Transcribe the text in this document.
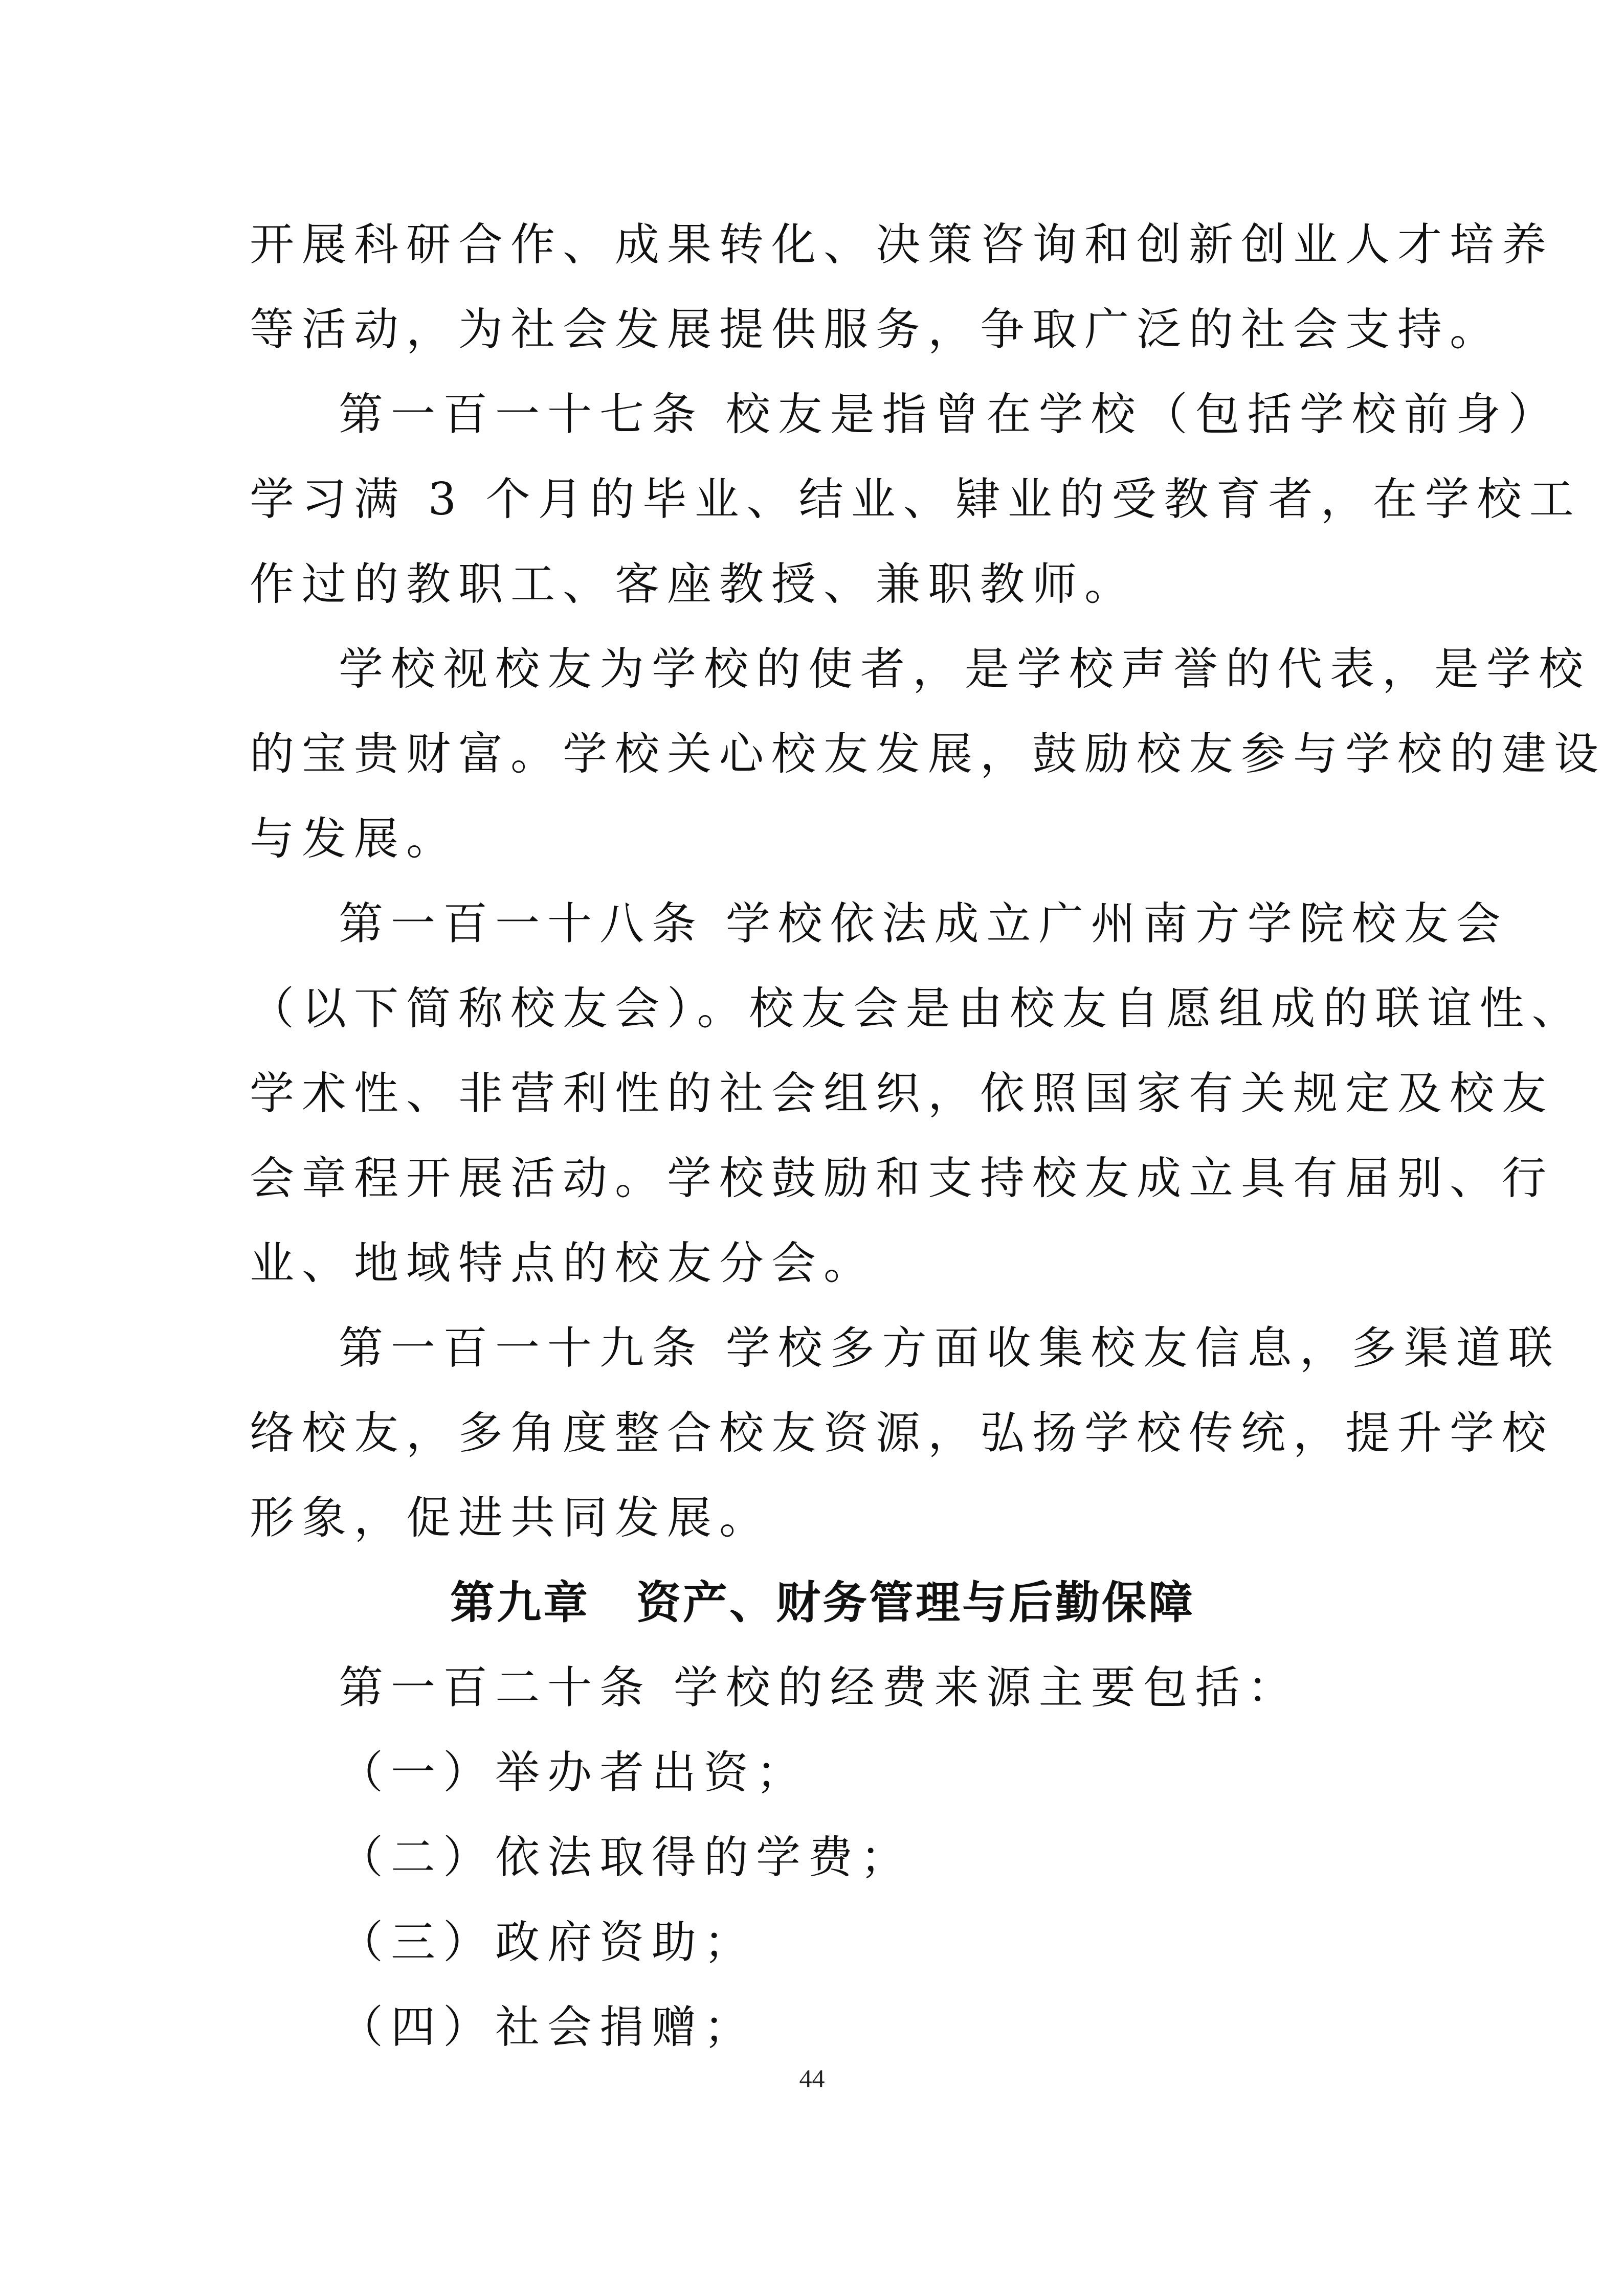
开展科研合作、成果转化、决策咨询和创新创业人才培养
等活动，为社会发展提供服务，争取广泛的社会支持。
第一百一十七条 校友是指曾在学校（包括学校前身）
学习满 3 个月的毕业、结业、肄业的受教育者，在学校工
作过的教职工、客座教授、兼职教师。
学校视校友为学校的使者，是学校声誉的代表，是学校
的宝贵财富。学校关心校友发展，鼓励校友参与学校的建设
与发展。
第一百一十八条 学校依法成立广州南方学院校友会
（以下简称校友会）。校友会是由校友自愿组成的联谊性、
学术性、非营利性的社会组织，依照国家有关规定及校友
会章程开展活动。学校鼓励和支持校友成立具有届别、行
业、地域特点的校友分会。
第一百一十九条 学校多方面收集校友信息，多渠道联
络校友，多角度整合校友资源，弘扬学校传统，提升学校
形象，促进共同发展。
第九章　资产、财务管理与后勤保障
第一百二十条 学校的经费来源主要包括：
（一）举办者出资；
（二）依法取得的学费；
（三）政府资助；
（四）社会捐赠；
44
